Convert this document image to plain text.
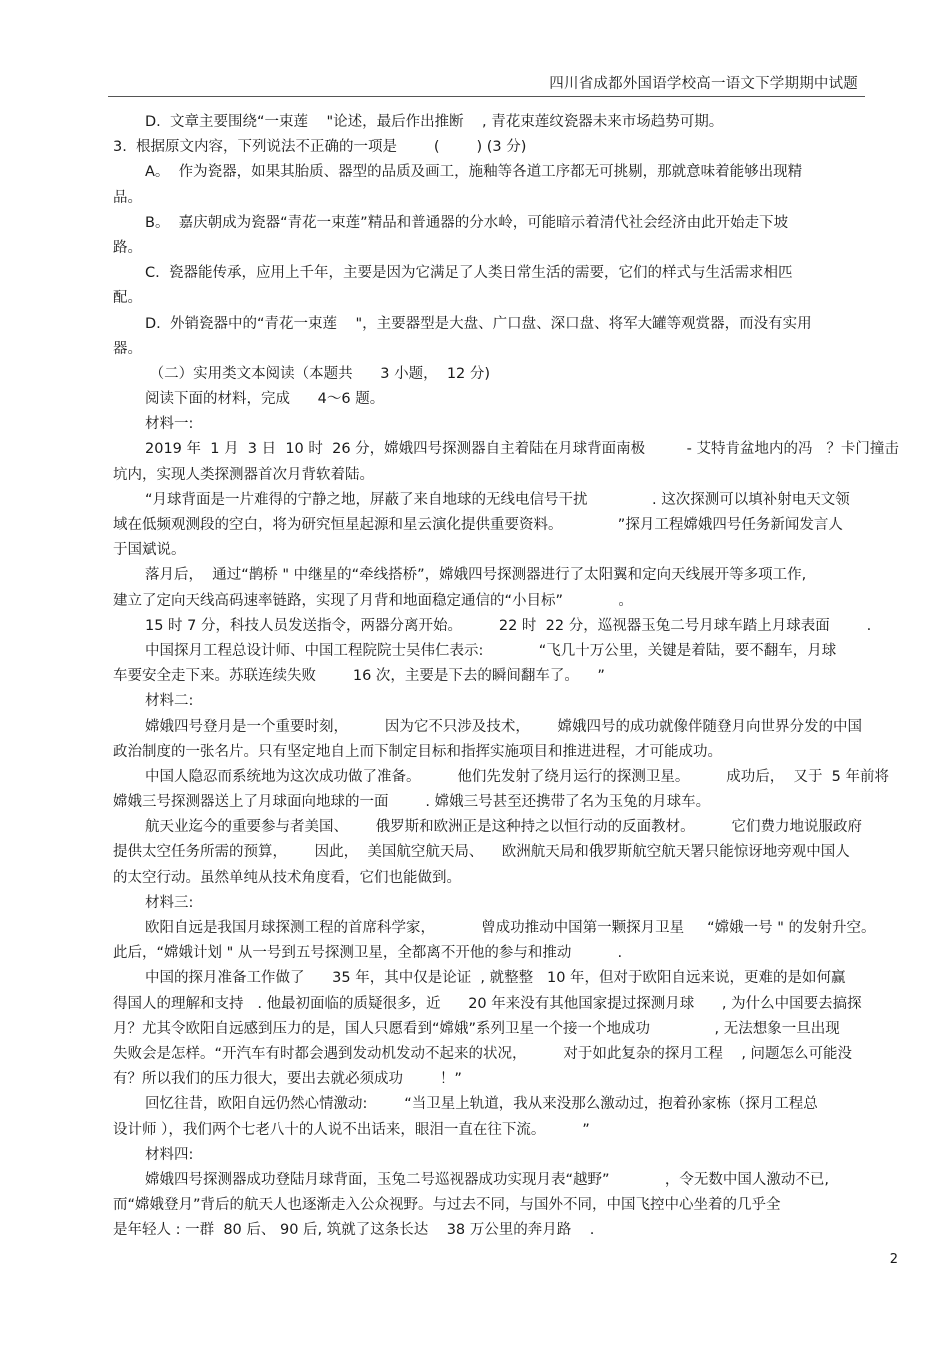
四川省成都外国语学校高一语文下学期期中试题
D.  文章主要围绕“一束莲    "论述，最后作出推断    , 青花束莲纹瓷器未来市场趋势可期。
3.  根据原文内容，下列说法不正确的一项是        (        ) (3 分)
A。  作为瓷器，如果其胎质、器型的品质及画工，施釉等各道工序都无可挑剔，那就意味着能够出现精
品。
B。  嘉庆朝成为瓷器“青花一束莲”精品和普通器的分水岭，可能暗示着清代社会经济由此开始走下坡
路。
C.  瓷器能传承，应用上千年，主要是因为它满足了人类日常生活的需要，它们的样式与生活需求相匹
配。
D.  外销瓷器中的“青花一束莲    "，主要器型是大盘、广口盘、深口盘、将军大罐等观赏器，而没有实用
器。
（二）实用类文本阅读（本题共      3 小题，  12 分)
阅读下面的材料，完成      4～6 题。
材料一:
2019 年  1 月  3 日  10 时  26 分，嫦娥四号探测器自主着陆在月球背面南极         - 艾特肯盆地内的冯   ？卡门撞击
坑内，实现人类探测器首次月背软着陆。
“月球背面是一片难得的宁静之地，屏蔽了来自地球的无线电信号干扰              . 这次探测可以填补射电天文领
域在低频观测段的空白，将为研究恒星起源和星云演化提供重要资料。            ”探月工程嫦娥四号任务新闻发言人
于国斌说。
落月后，  通过“鹊桥 " 中继星的“牵线搭桥”，嫦娥四号探测器进行了太阳翼和定向天线展开等多项工作,
建立了定向天线高码速率链路，实现了月背和地面稳定通信的“小目标”            。
15 时 7 分，科技人员发送指令，两器分离开始。        22 时  22 分，巡视器玉兔二号月球车踏上月球表面        .
中国探月工程总设计师、中国工程院院士吴伟仁表示:            “飞几十万公里，关键是着陆，要不翻车，月球
车要安全走下来。苏联连续失败        16 次，主要是下去的瞬间翻车了。    ”
材料二:
嫦娥四号登月是一个重要时刻，        因为它不只涉及技术，      嫦娥四号的成功就像伴随登月向世界分发的中国
政治制度的一张名片。只有坚定地自上而下制定目标和指挥实施项目和推进进程，才可能成功。
中国人隐忍而系统地为这次成功做了准备。        他们先发射了绕月运行的探测卫星。        成功后，  又于  5 年前将
嫦娥三号探测器送上了月球面向地球的一面        . 嫦娥三号甚至还携带了名为玉兔的月球车。
航天业迄今的重要参与者美国、      俄罗斯和欧洲正是这种持之以恒行动的反面教材。        它们费力地说服政府
提供太空任务所需的预算，      因此，  美国航空航天局、    欧洲航天局和俄罗斯航空航天署只能惊讶地旁观中国人
的太空行动。虽然单纯从技术角度看，它们也能做到。
材料三:
欧阳自远是我国月球探测工程的首席科学家，          曾成功推动中国第一颗探月卫星     “嫦娥一号 " 的发射升空。
此后，“嫦娥计划 " 从一号到五号探测卫星，全都离不开他的参与和推动          .
中国的探月准备工作做了      35 年，其中仅是论证  , 就整整   10 年，但对于欧阳自远来说，更难的是如何赢
得国人的理解和支持   . 他最初面临的质疑很多，近      20 年来没有其他国家提过探测月球      , 为什么中国要去搞探
月？尤其令欧阳自远感到压力的是，国人只愿看到“嫦娥”系列卫星一个接一个地成功              , 无法想象一旦出现
失败会是怎样。“开汽车有时都会遇到发动机发动不起来的状况，        对于如此复杂的探月工程    , 问题怎么可能没
有？所以我们的压力很大，要出去就必须成功        ！”
回忆往昔，欧阳自远仍然心情激动:        “当卫星上轨道，我从来没那么激动过，抱着孙家栋（探月工程总
设计师 ），我们两个七老八十的人说不出话来，眼泪一直在往下流。        ”
材料四:
嫦娥四号探测器成功登陆月球背面，玉兔二号巡视器成功实现月表“越野”            ，令无数中国人激动不已,
而“嫦娥登月”背后的航天人也逐渐走入公众视野。与过去不同，与国外不同，中国飞控中心坐着的几乎全
是年轻人 : 一群  80 后、 90 后, 筑就了这条长达    38 万公里的奔月路    .
2
